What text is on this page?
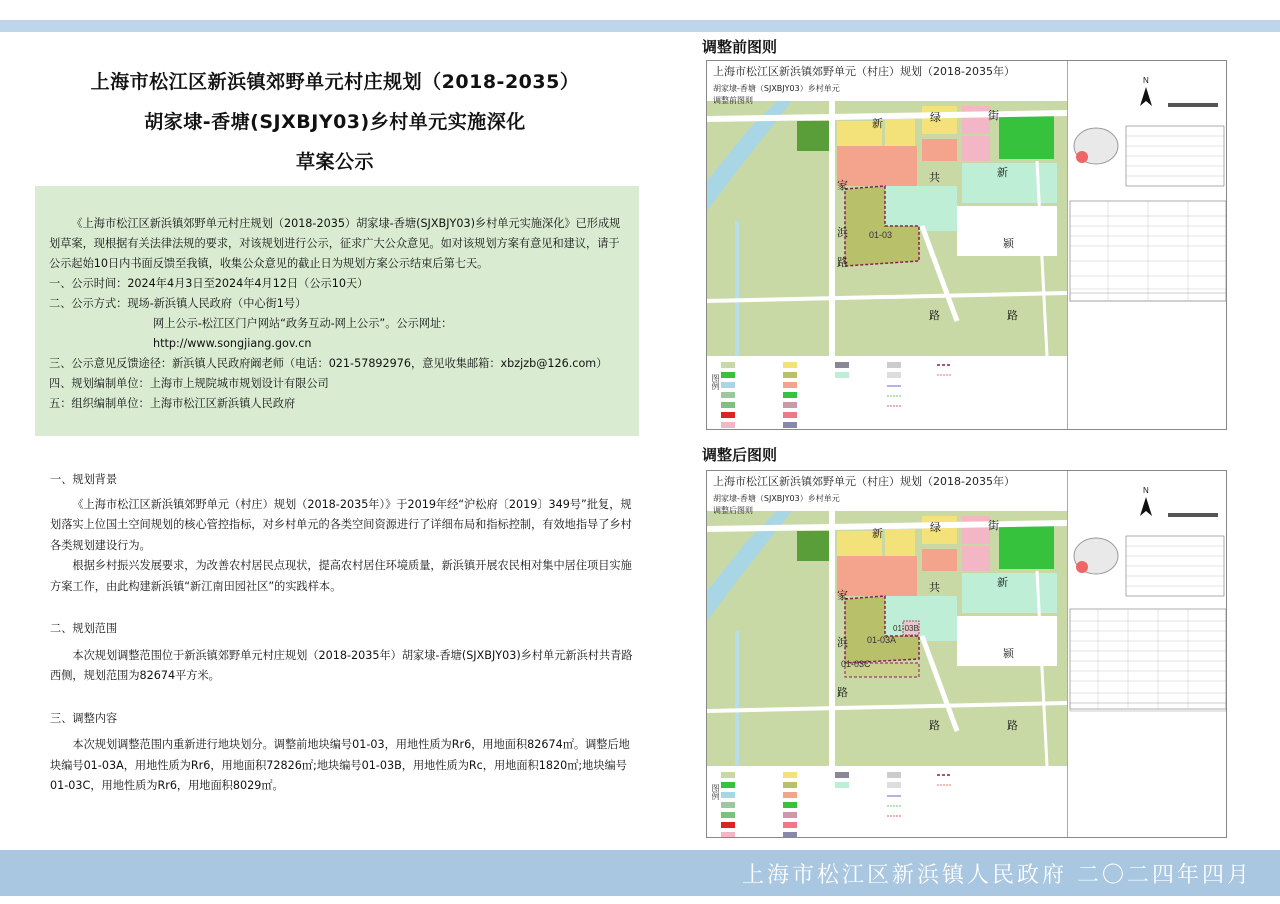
上海市松江区新浜镇郊野单元村庄规划（2018-2035）
胡家埭-香塘(SJXBJY03)乡村单元实施深化
草案公示

《上海市松江区新浜镇郊野单元村庄规划（2018-2035）胡家埭-香塘(SJXBJY03)乡村单元实施深化》已形成规划草案，现根据有关法律法规的要求，对该规划进行公示，征求广大公众意见。如对该规划方案有意见和建议，请于公示起始10日内书面反馈至我镇，收集公众意见的截止日为规划方案公示结束后第七天。

一、公示时间：2024年4月3日至2024年4月12日（公示10天）

二、公示方式：现场-新浜镇人民政府（中心街1号）

网上公示-松江区门户网站“政务互动-网上公示”。公示网址：

http://www.songjiang.gov.cn

三、公示意见反馈途径：新浜镇人民政府阚老师（电话：021-57892976，意见收集邮箱：xbzjzb@126.com）

四、规划编制单位：上海市上规院城市规划设计有限公司

五：组织编制单位：上海市松江区新浜镇人民政府

一、规划背景

《上海市松江区新浜镇郊野单元（村庄）规划（2018-2035年）》于2019年经“沪松府〔2019〕349号”批复，规划落实上位国土空间规划的核心管控指标，对乡村单元的各类空间资源进行了详细布局和指标控制，有效地指导了乡村各类规划建设行为。

根据乡村振兴发展要求，为改善农村居民点现状，提高农村居住环境质量，新浜镇开展农民相对集中居住项目实施方案工作，由此构建新浜镇“新江南田园社区”的实践样本。

二、规划范围

本次规划调整范围位于新浜镇郊野单元村庄规划（2018-2035年）胡家埭-香塘(SJXBJY03)乡村单元新浜村共青路西侧，规划范围为82674平方米。

三、调整内容

本次规划调整范围内重新进行地块划分。调整前地块编号01-03，用地性质为Rr6，用地面积82674㎡。调整后地块编号01-03A，用地性质为Rr6，用地面积72826㎡;地块编号01-03B，用地性质为Rc，用地面积1820㎡;地块编号01-03C，用地性质为Rr6，用地面积8029㎡。

调整前图则
新	绿	街
共	新
家
浜
路
颍
路	路
01-03
上海市松江区新浜镇郊野单元（村庄）规划（2018-2035年）
胡家埭-香塘（SJXBJY03）乡村单元
调整前图则
N
图例
调整后图则
新	绿	街
共	新
家
浜
路
颍
路	路
01-03A
01-03B
01-03C
上海市松江区新浜镇郊野单元（村庄）规划（2018-2035年）
胡家埭-香塘（SJXBJY03）乡村单元
调整后图则
N
图例
上海市松江区新浜镇人民政府 二〇二四年四月
